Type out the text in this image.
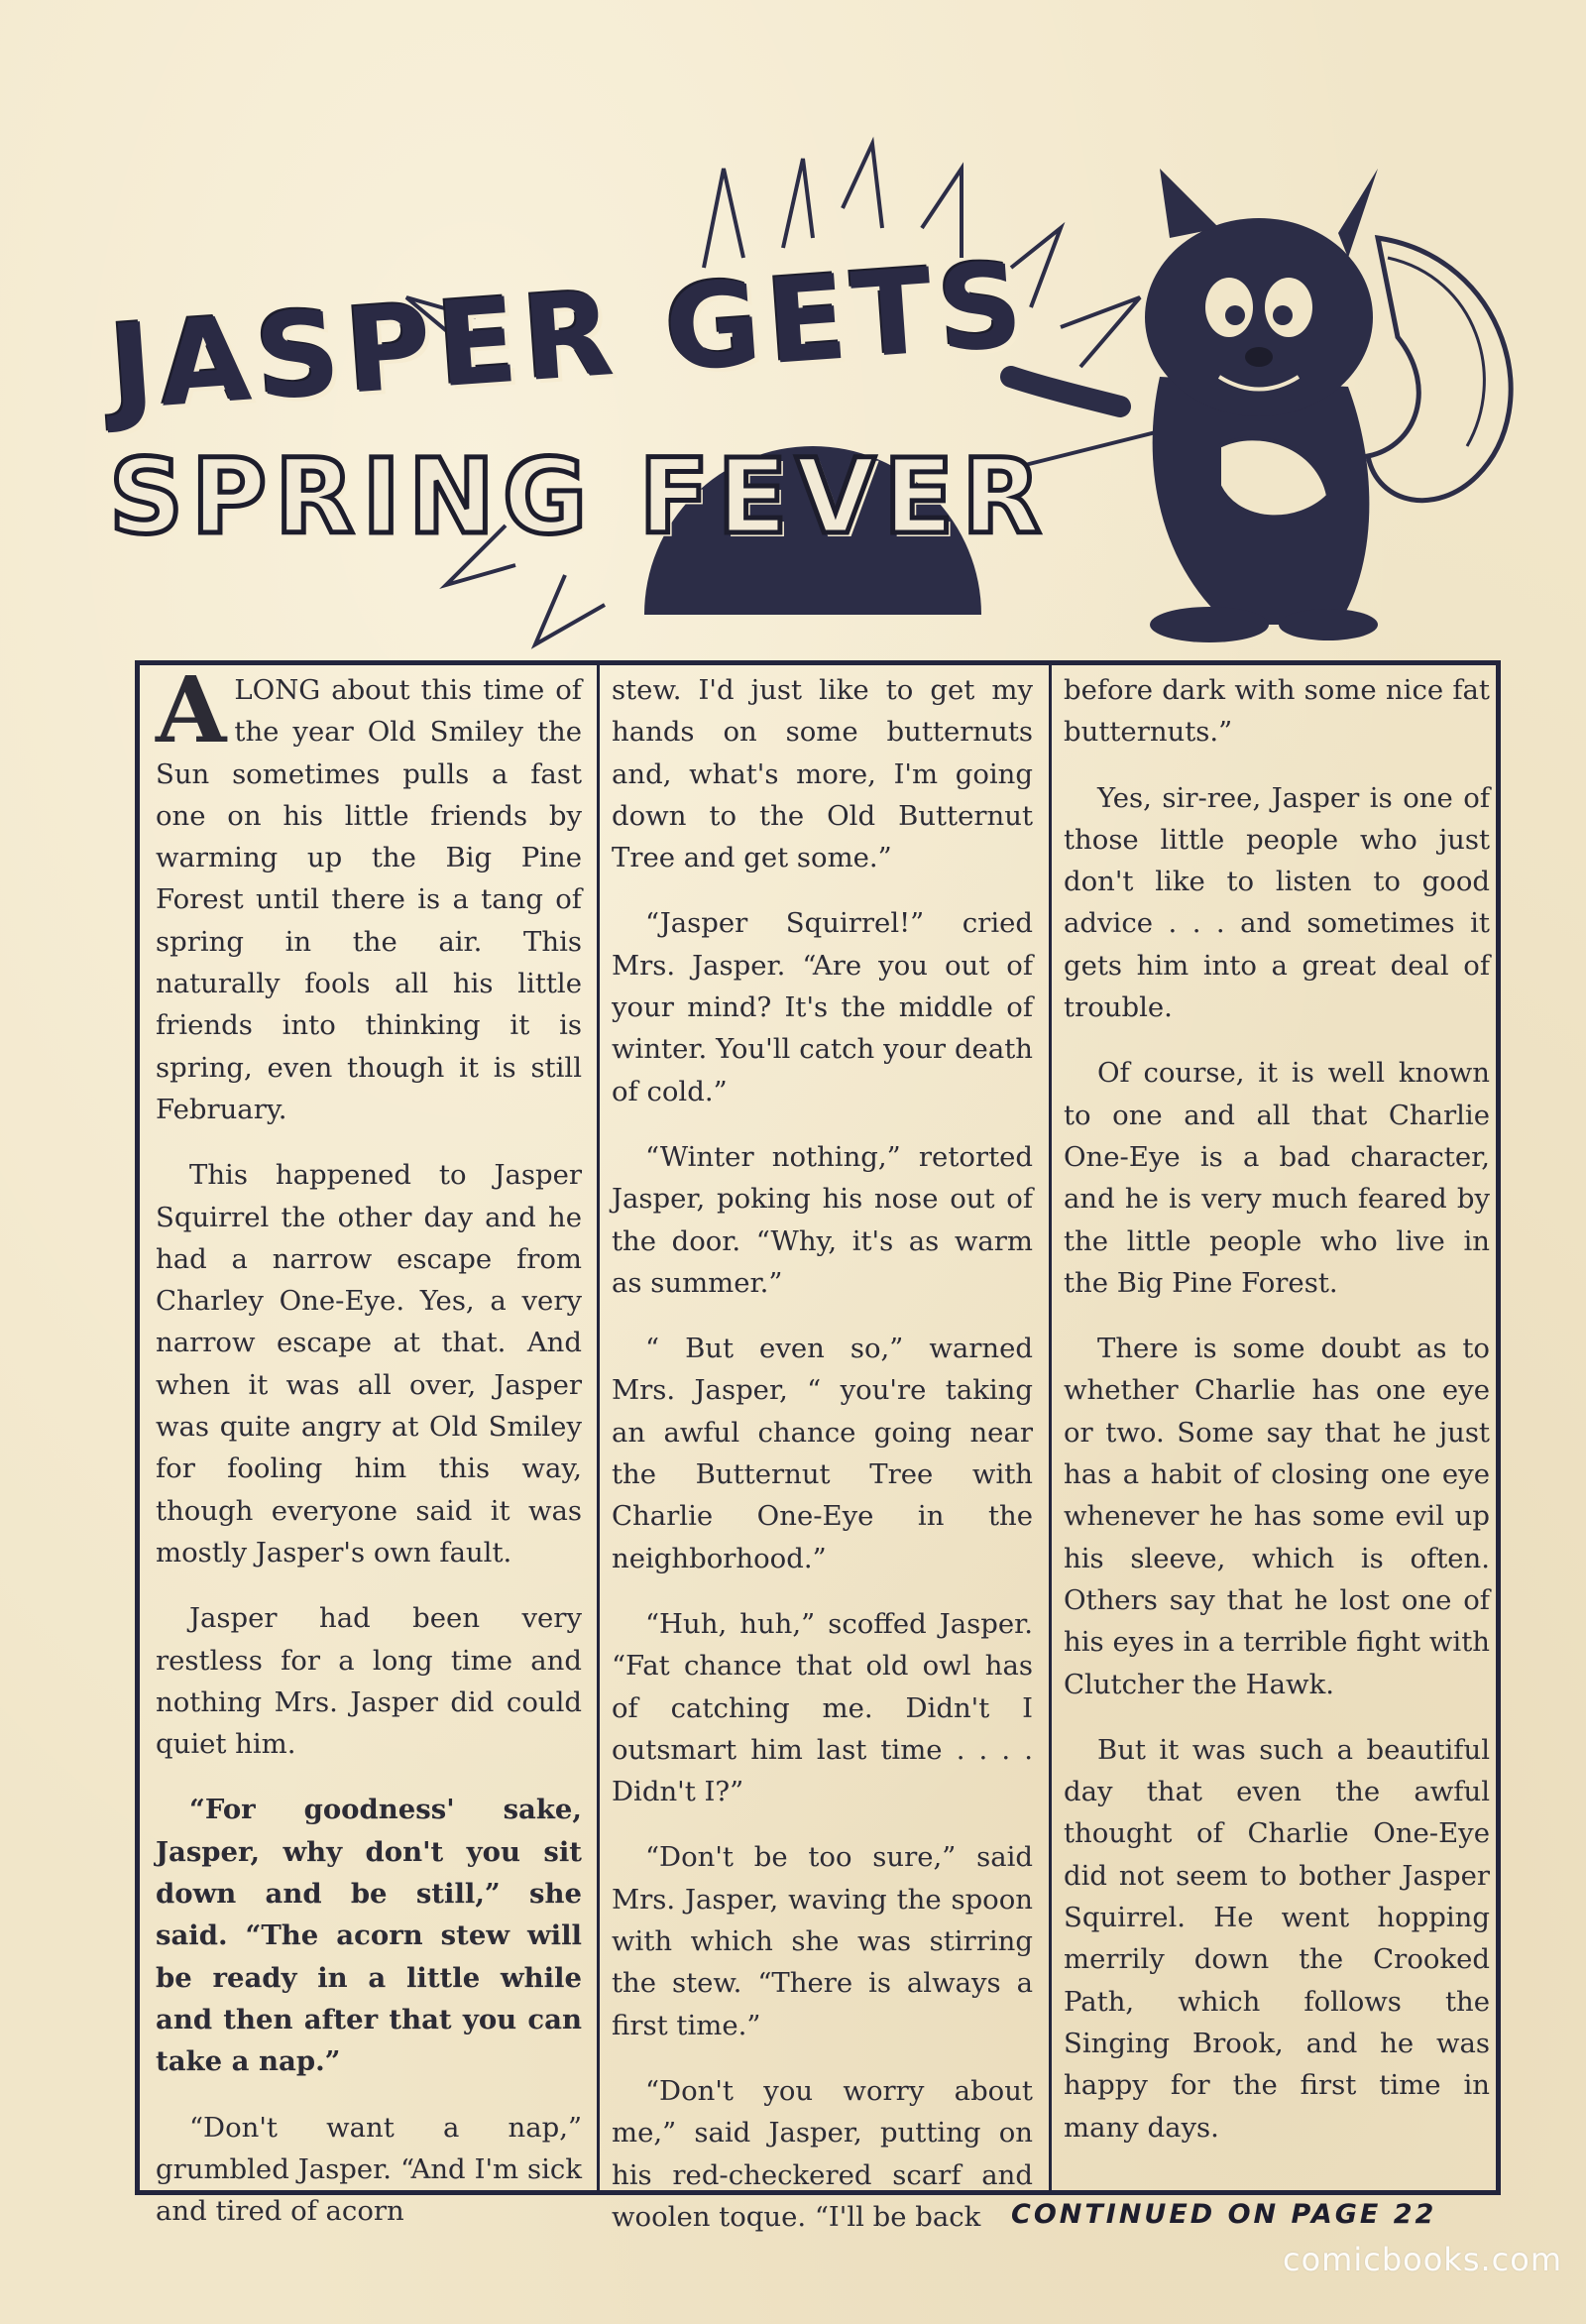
JASPER GETS
SPRING FEVER

ALONG about this time of the year Old Smiley the Sun sometimes pulls a fast one on his little friends by warming up the Big Pine Forest until there is a tang of spring in the air. This naturally fools all his little friends into thinking it is spring, even though it is still February.

This happened to Jasper Squirrel the other day and he had a narrow escape from Charley One-Eye. Yes, a very narrow escape at that. And when it was all over, Jasper was quite angry at Old Smiley for fooling him this way, though everyone said it was mostly Jasper's own fault.

Jasper had been very restless for a long time and nothing Mrs. Jasper did could quiet him.

“For goodness' sake, Jasper, why don't you sit down and be still,” she said. “The acorn stew will be ready in a little while and then after that you can take a nap.”

“Don't want a nap,” grumbled Jasper. “And I'm sick and tired of acorn

stew. I'd just like to get my hands on some butternuts and, what's more, I'm going down to the Old Butternut Tree and get some.”

“Jasper Squirrel!” cried Mrs. Jasper. “Are you out of your mind? It's the middle of winter. You'll catch your death of cold.”

“Winter nothing,” retorted Jasper, poking his nose out of the door. “Why, it's as warm as summer.”

“ But even so,” warned Mrs. Jasper, “ you're taking an awful chance going near the Butternut Tree with Charlie One-Eye in the neighborhood.”

“Huh, huh,” scoffed Jasper. “Fat chance that old owl has of catching me. Didn't I outsmart him last time . . . . Didn't I?”

“Don't be too sure,” said Mrs. Jasper, waving the spoon with which she was stirring the stew. “There is always a first time.”

“Don't you worry about me,” said Jasper, putting on his red-checkered scarf and woolen toque. “I'll be back

before dark with some nice fat butternuts.”

Yes, sir-ree, Jasper is one of those little people who just don't like to listen to good advice . . . and sometimes it gets him into a great deal of trouble.

Of course, it is well known to one and all that Charlie One-Eye is a bad character, and he is very much feared by the little people who live in the Big Pine Forest.

There is some doubt as to whether Charlie has one eye or two. Some say that he just has a habit of closing one eye whenever he has some evil up his sleeve, which is often. Others say that he lost one of his eyes in a terrible fight with Clutcher the Hawk.

But it was such a beautiful day that even the awful thought of Charlie One-Eye did not seem to bother Jasper Squirrel. He went hopping merrily down the Crooked Path, which follows the Singing Brook, and he was happy for the first time in many days.

CONTINUED ON PAGE 22
comicbooks.com
